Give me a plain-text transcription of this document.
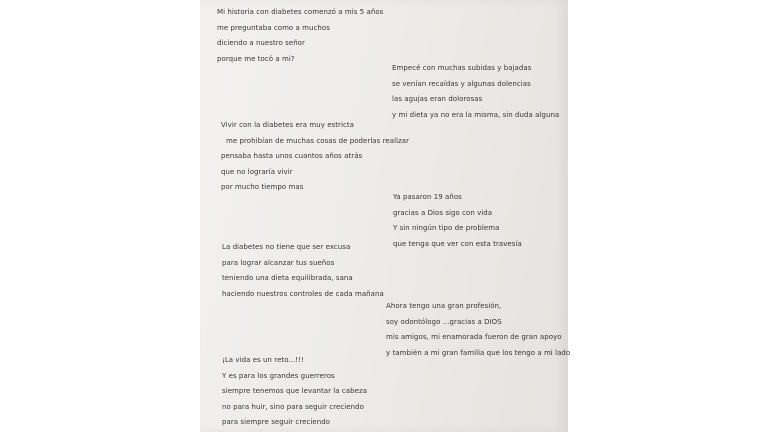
Mi historia con diabetes comenzó a mis 5 años
me preguntaba como a muchos
diciendo a nuestro señor
porque me tocó a mi?
Empecé con muchas subidas y bajadas
se venían recaídas y algunas dolencias
las agujas eran dolorosas
y mi dieta ya no era la misma, sin duda alguna
Vivir con la diabetes era muy estricta
me prohibían de muchas cosas de poderlas realizar
pensaba hasta unos cuantos años atrás
que no lograría vivir
por mucho tiempo mas
Ya pasaron 19 años
gracias a Dios sigo con vida
Y sin ningún tipo de problema
que tenga que ver con esta travesía
La diabetes no tiene que ser excusa
para lograr alcanzar tus sueños
teniendo una dieta equilibrada, sana
haciendo nuestros controles de cada mañana
Ahora tengo una gran profesión,
soy odontólogo ...gracias a DIOS
mis amigos, mi enamorada fueron de gran apoyo
y también a mi gran familia que los tengo a mi lado
¡La vida es un reto...!!!
Y es para los grandes guerreros
siempre tenemos que levantar la cabeza
no para huir, sino para seguir creciendo
para siempre seguir creciendo
